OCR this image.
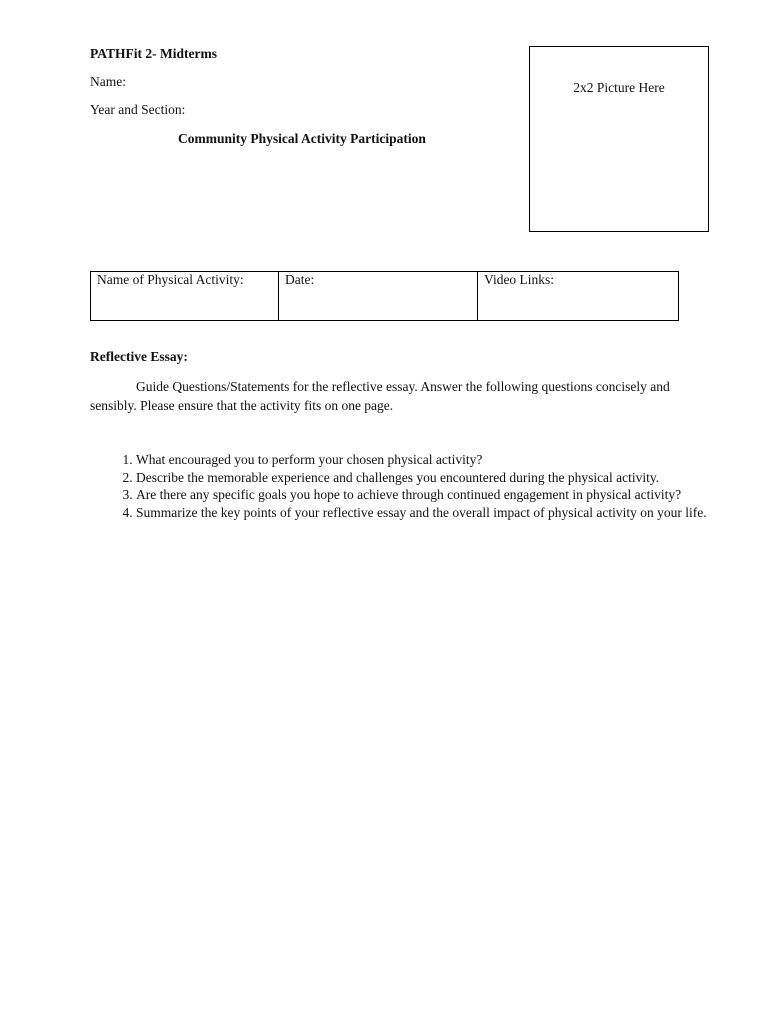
PATHFit 2- Midterms
Name:
Year and Section:
Community Physical Activity Participation
2x2 Picture Here
Name of Physical Activity:	Date:	Video Links:
Reflective Essay:
Guide Questions/Statements for the reflective essay. Answer the following questions concisely and sensibly. Please ensure that the activity fits on one page.
1. What encouraged you to perform your chosen physical activity?
2. Describe the memorable experience and challenges you encountered during the physical activity.
3. Are there any specific goals you hope to achieve through continued engagement in physical activity?
4. Summarize the key points of your reflective essay and the overall impact of physical activity on your life.
